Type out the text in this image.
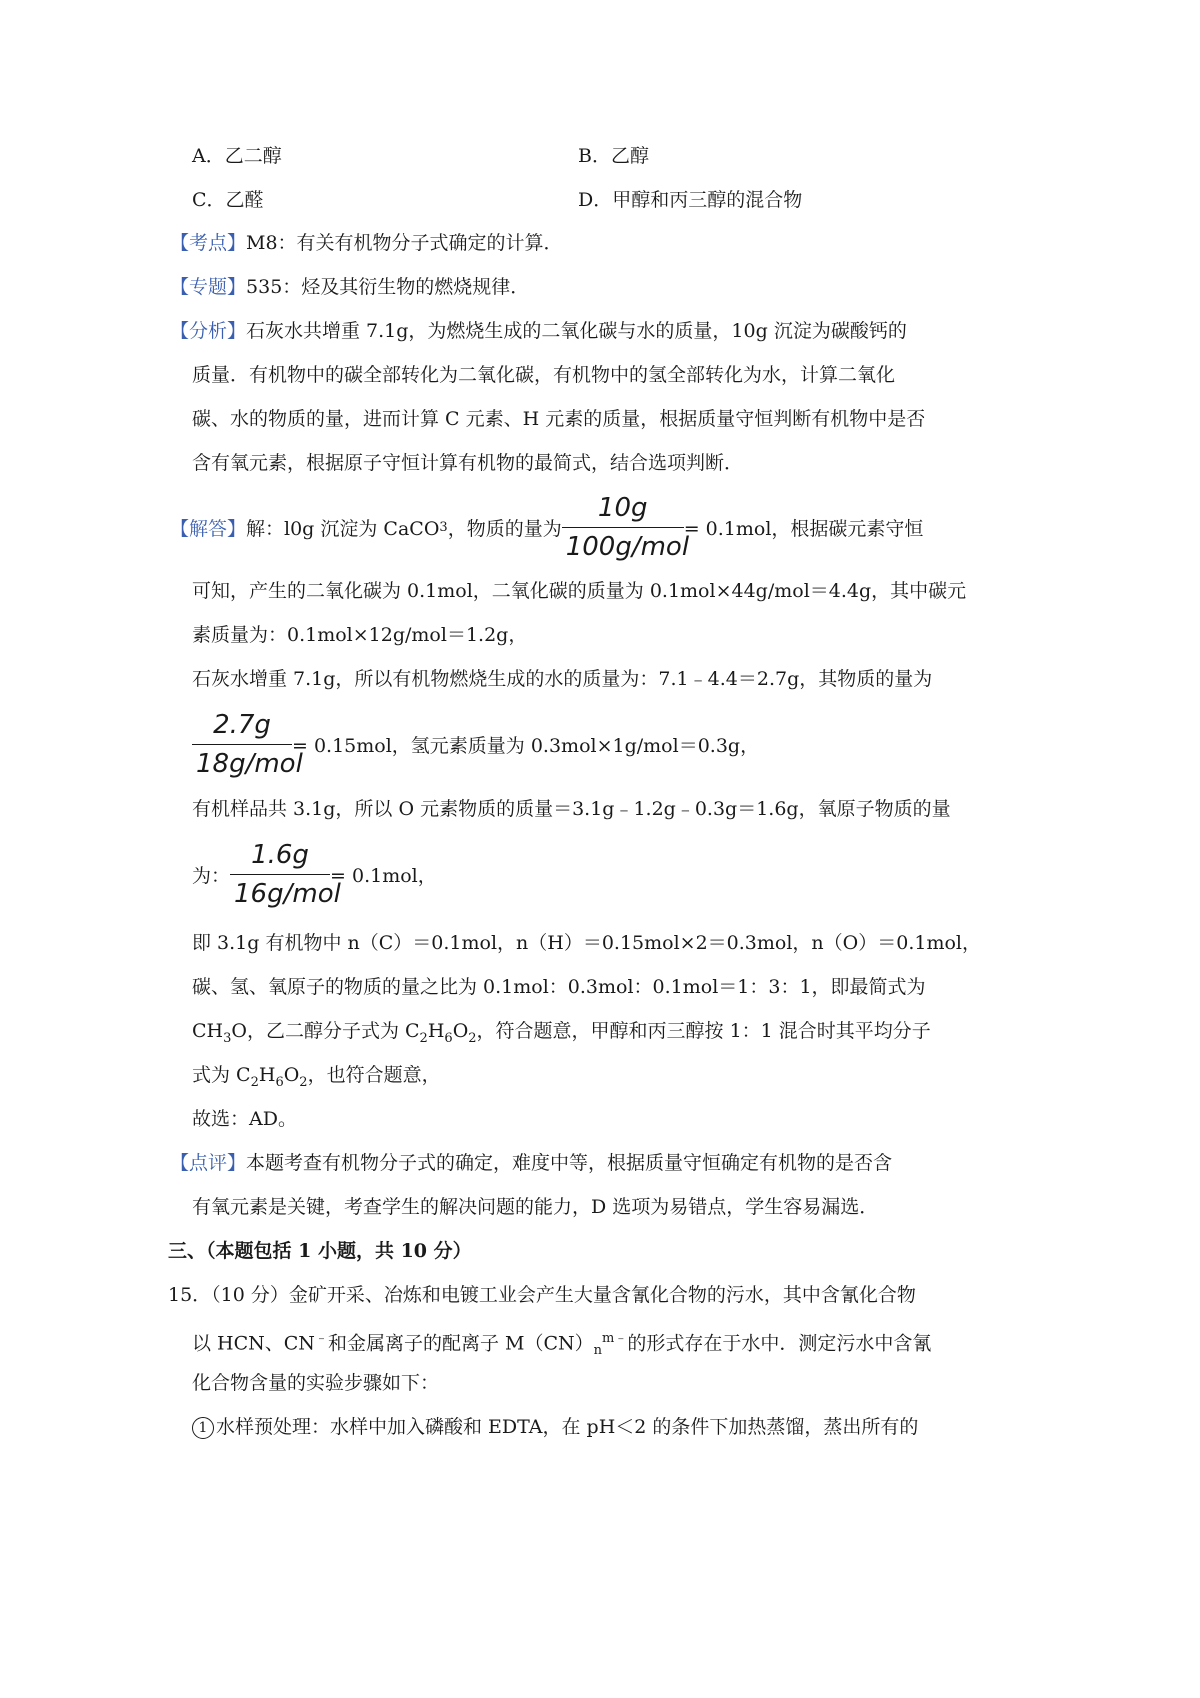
A．乙二醇	B．乙醇
C．乙醛	D．甲醇和丙三醇的混合物
【考点】M8：有关有机物分子式确定的计算．
【专题】535：烃及其衍生物的燃烧规律．
【分析】石灰水共增重 7.1g，为燃烧生成的二氧化碳与水的质量，10g 沉淀为碳酸钙的
质量．有机物中的碳全部转化为二氧化碳，有机物中的氢全部转化为水，计算二氧化
碳、水的物质的量，进而计算 C 元素、H 元素的质量，根据质量守恒判断有机物中是否
含有氧元素，根据原子守恒计算有机物的最简式，结合选项判断．
【解答】 解：l0g 沉淀为 CaCO 3 ，物质的量为 $\frac{10g}{\text{100g/mol}} = 0.1mol$，根据碳元素守恒
可知，产生的二氧化碳为 0.1mol，二氧化碳的质量为 0.1mol×44g/mol＝4.4g，其中碳元
素质量为：0.1mol×12g/mol＝1.2g，
石灰水增重 7.1g，所以有机物燃烧生成的水的质量为：7.1﹣4.4＝2.7g，其物质的量为
$\frac{2.7g}{\text{18g/mol}} = 0.15mol$，氢元素质量为 0.3mol×1g/mol＝0.3g，
有机样品共 3.1g，所以 O 元素物质的质量＝3.1g﹣1.2g﹣0.3g＝1.6g，氧原子物质的量
为： $\frac{1.6g}{\text{16g/mol}} = 0.1mol$，
即 3.1g 有机物中 n（C）＝0.1mol，n（H）＝0.15mol×2＝0.3mol，n（O）＝0.1mol，
碳、氢、氧原子的物质的量之比为 0.1mol：0.3mol：0.1mol＝1：3：1，即最简式为
$CH_3O$，乙二醇分子式为 $C_2H_6O_2$，符合题意，甲醇和丙三醇按 1：1 混合时其平均分子
式为 $C_2H_6O_2$，也符合题意，
故选：AD。
【点评】本题考查有机物分子式的确定，难度中等，根据质量守恒确定有机物的是否含
有氧元素是关键，考查学生的解决问题的能力，D 选项为易错点，学生容易漏选．
三、（本题包括 1 小题，共 10 分）
15．（10 分）金矿开采、冶炼和电镀工业会产生大量含氰化合物的污水，其中含氰化合物
以 HCN、CN﹣和金属离子的配离子 $M(CN)_n^{m﹣}$的形式存在于水中．测定污水中含氰
化合物含量的实验步骤如下：
1 水样预处理：水样中加入磷酸和 EDTA，在 pH＜2 的条件下加热蒸馏，蒸出所有的
